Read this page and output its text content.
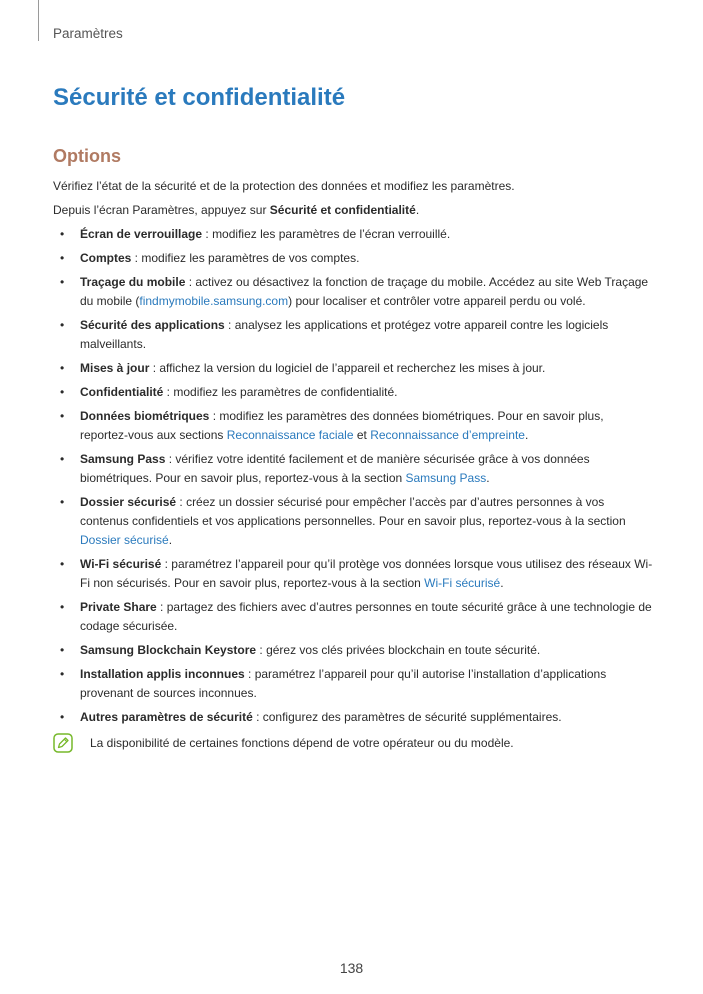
Paramètres
Sécurité et confidentialité
Options

Vérifiez l’état de la sécurité et de la protection des données et modifiez les paramètres.

Depuis l’écran Paramètres, appuyez sur Sécurité et confidentialité.

• Écran de verrouillage : modifiez les paramètres de l’écran verrouillé.
• Comptes : modifiez les paramètres de vos comptes.
• Traçage du mobile : activez ou désactivez la fonction de traçage du mobile. Accédez au site Web Traçage du mobile (findmymobile.samsung.com) pour localiser et contrôler votre appareil perdu ou volé.
• Sécurité des applications : analysez les applications et protégez votre appareil contre les logiciels malveillants.
• Mises à jour : affichez la version du logiciel de l’appareil et recherchez les mises à jour.
• Confidentialité : modifiez les paramètres de confidentialité.
• Données biométriques : modifiez les paramètres des données biométriques. Pour en savoir plus, reportez-vous aux sections Reconnaissance faciale et Reconnaissance d’empreinte.
• Samsung Pass : vérifiez votre identité facilement et de manière sécurisée grâce à vos données biométriques. Pour en savoir plus, reportez-vous à la section Samsung Pass.
• Dossier sécurisé : créez un dossier sécurisé pour empêcher l’accès par d’autres personnes à vos contenus confidentiels et vos applications personnelles. Pour en savoir plus, reportez-vous à la section Dossier sécurisé.
• Wi-Fi sécurisé : paramétrez l’appareil pour qu’il protège vos données lorsque vous utilisez des réseaux Wi-Fi non sécurisés. Pour en savoir plus, reportez-vous à la section Wi-Fi sécurisé.
• Private Share : partagez des fichiers avec d’autres personnes en toute sécurité grâce à une technologie de codage sécurisée.
• Samsung Blockchain Keystore : gérez vos clés privées blockchain en toute sécurité.
• Installation applis inconnues : paramétrez l’appareil pour qu’il autorise l’installation d’applications provenant de sources inconnues.
• Autres paramètres de sécurité : configurez des paramètres de sécurité supplémentaires.
La disponibilité de certaines fonctions dépend de votre opérateur ou du modèle.
138
